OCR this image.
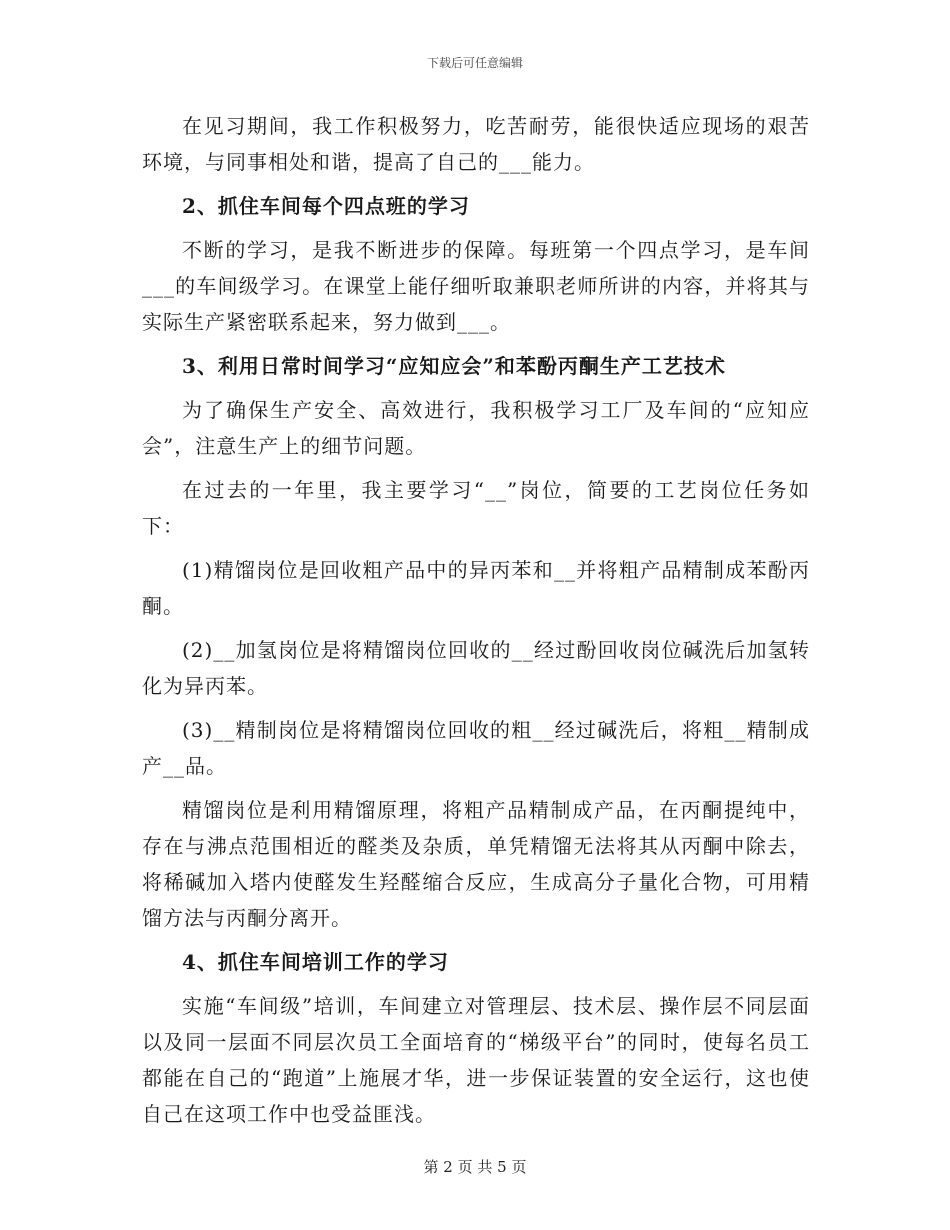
下载后可任意编辑

在见习期间，我工作积极努力，吃苦耐劳，能很快适应现场的艰苦环境，与同事相处和谐，提高了自己的___能力。

2、抓住车间每个四点班的学习

不断的学习，是我不断进步的保障。每班第一个四点学习，是车间___的车间级学习。在课堂上能仔细听取兼职老师所讲的内容，并将其与实际生产紧密联系起来，努力做到___。

3、利用日常时间学习“应知应会”和苯酚丙酮生产工艺技术

为了确保生产安全、高效进行，我积极学习工厂及车间的“应知应会”，注意生产上的细节问题。

在过去的一年里，我主要学习“__”岗位，简要的工艺岗位任务如下：

(1)精馏岗位是回收粗产品中的异丙苯和__并将粗产品精制成苯酚丙酮。

(2)__加氢岗位是将精馏岗位回收的__经过酚回收岗位碱洗后加氢转化为异丙苯。

(3)__精制岗位是将精馏岗位回收的粗__经过碱洗后，将粗__精制成产__品。

精馏岗位是利用精馏原理，将粗产品精制成产品，在丙酮提纯中，存在与沸点范围相近的醛类及杂质，单凭精馏无法将其从丙酮中除去，将稀碱加入塔内使醛发生羟醛缩合反应，生成高分子量化合物，可用精馏方法与丙酮分离开。

4、抓住车间培训工作的学习

实施“车间级”培训，车间建立对管理层、技术层、操作层不同层面以及同一层面不同层次员工全面培育的“梯级平台”的同时，使每名员工都能在自己的“跑道”上施展才华，进一步保证装置的安全运行，这也使自己在这项工作中也受益匪浅。

第 2 页 共 5 页
